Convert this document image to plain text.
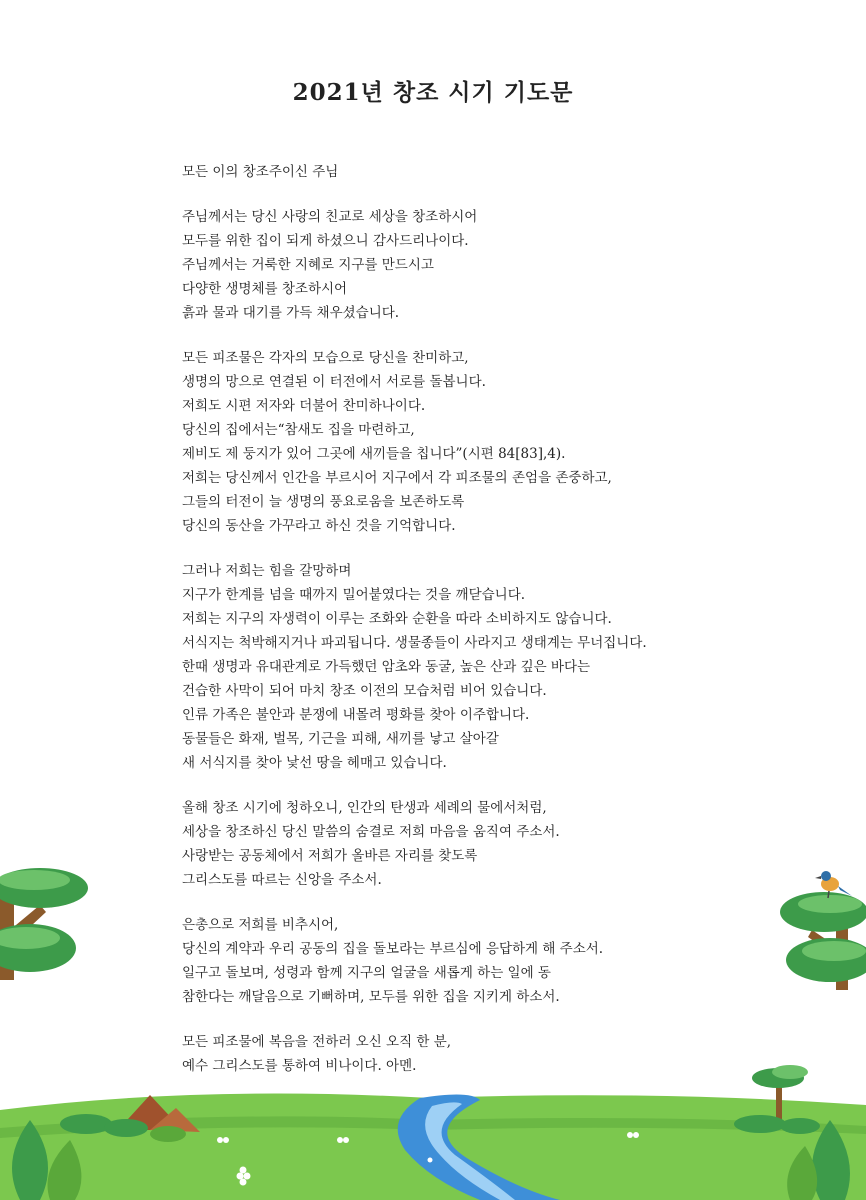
2021년 창조 시기 기도문
모든 이의 창조주이신 주님
주님께서는 당신 사랑의 친교로 세상을 창조하시어
모두를 위한 집이 되게 하셨으니 감사드리나이다.
주님께서는 거룩한 지혜로 지구를 만드시고
다양한 생명체를 창조하시어
흙과 물과 대기를 가득 채우셨습니다.
모든 피조물은 각자의 모습으로 당신을 찬미하고,
생명의 망으로 연결된 이 터전에서 서로를 돌봅니다.
저희도 시편 저자와 더불어 찬미하나이다.
당신의 집에서는“참새도 집을 마련하고,
제비도 제 둥지가 있어 그곳에 새끼들을 칩니다”(시편 84[83],4).
저희는 당신께서 인간을 부르시어 지구에서 각 피조물의 존엄을 존중하고,
그들의 터전이 늘 생명의 풍요로움을 보존하도록
당신의 동산을 가꾸라고 하신 것을 기억합니다.
그러나 저희는 힘을 갈망하며
지구가 한계를 넘을 때까지 밀어붙였다는 것을 깨닫습니다.
저희는 지구의 자생력이 이루는 조화와 순환을 따라 소비하지도 않습니다.
서식지는 척박해지거나 파괴됩니다. 생물종들이 사라지고 생태계는 무너집니다.
한때 생명과 유대관계로 가득했던 암초와 동굴, 높은 산과 깊은 바다는
건습한 사막이 되어 마치 창조 이전의 모습처럼 비어 있습니다.
인류 가족은 불안과 분쟁에 내몰려 평화를 찾아 이주합니다.
동물들은 화재, 벌목, 기근을 피해, 새끼를 낳고 살아갈
새 서식지를 찾아 낯선 땅을 헤매고 있습니다.
올해 창조 시기에 청하오니, 인간의 탄생과 세례의 물에서처럼,
세상을 창조하신 당신 말씀의 숨결로 저희 마음을 움직여 주소서.
사랑받는 공동체에서 저희가 올바른 자리를 찾도록
그리스도를 따르는 신앙을 주소서.
은총으로 저희를 비추시어,
당신의 계약과 우리 공동의 집을 돌보라는 부르심에 응답하게 해 주소서.
일구고 돌보며, 성령과 함께 지구의 얼굴을 새롭게 하는 일에 동
참한다는 깨달음으로 기뻐하며, 모두를 위한 집을 지키게 하소서.
모든 피조물에 복음을 전하러 오신 오직 한 분,
예수 그리스도를 통하여 비나이다. 아멘.
